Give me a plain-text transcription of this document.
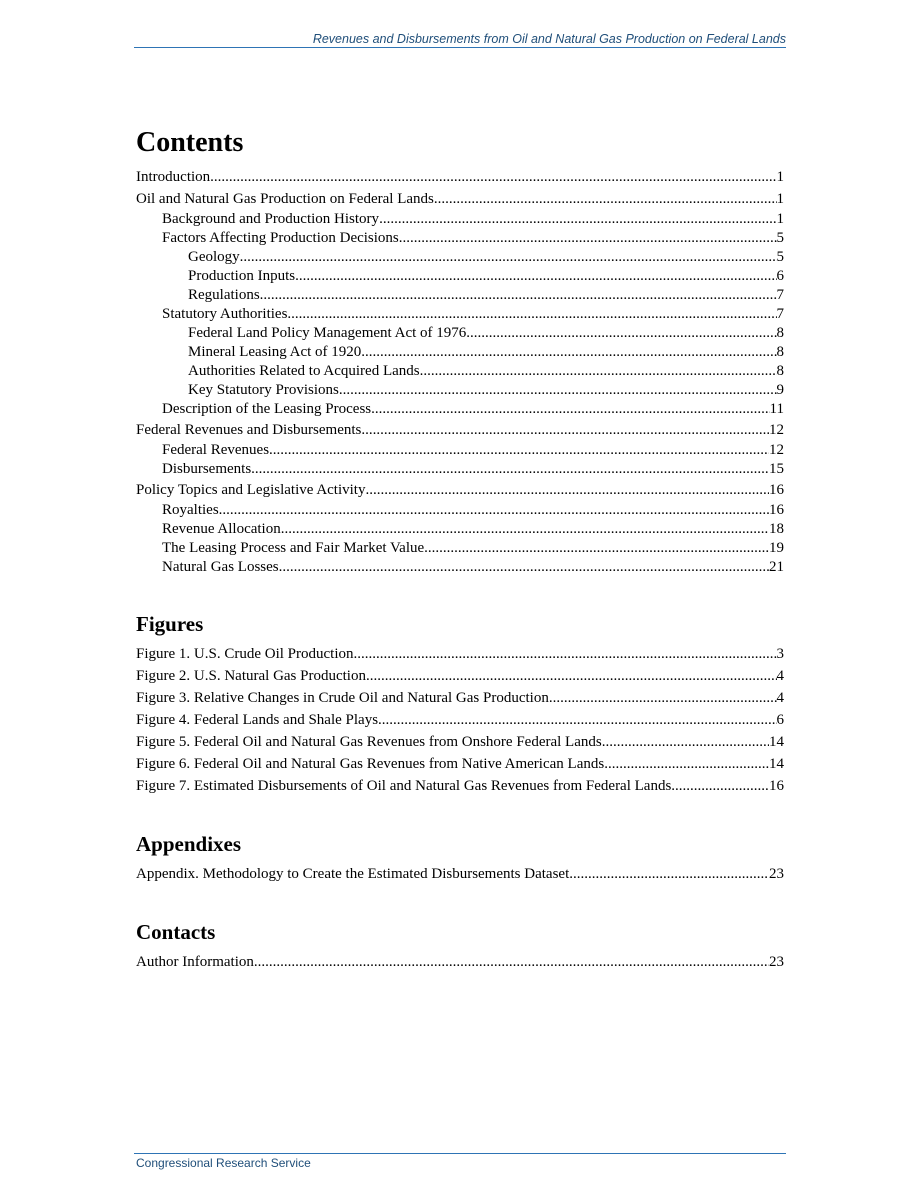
Revenues and Disbursements from Oil and Natural Gas Production on Federal Lands
Contents
Introduction .....	1
Oil and Natural Gas Production on Federal Lands .....	1
Background and Production History .....	1
Factors Affecting Production Decisions .....	5
Geology .....	5
Production Inputs .....	6
Regulations .....	7
Statutory Authorities .....	7
Federal Land Policy Management Act of 1976 .....	8
Mineral Leasing Act of 1920 .....	8
Authorities Related to Acquired Lands .....	8
Key Statutory Provisions .....	9
Description of the Leasing Process .....	11
Federal Revenues and Disbursements .....	12
Federal Revenues .....	12
Disbursements .....	15
Policy Topics and Legislative Activity .....	16
Royalties .....	16
Revenue Allocation .....	18
The Leasing Process and Fair Market Value .....	19
Natural Gas Losses .....	21
Figures
Figure 1. U.S. Crude Oil Production .....	3
Figure 2. U.S. Natural Gas Production .....	4
Figure 3. Relative Changes in Crude Oil and Natural Gas Production .....	4
Figure 4. Federal Lands and Shale Plays .....	6
Figure 5. Federal Oil and Natural Gas Revenues from Onshore Federal Lands .....	14
Figure 6. Federal Oil and Natural Gas Revenues from Native American Lands .....	14
Figure 7. Estimated Disbursements of Oil and Natural Gas Revenues from Federal Lands .....	16
Appendixes
Appendix. Methodology to Create the Estimated Disbursements Dataset .....	23
Contacts
Author Information .....	23
Congressional Research Service
